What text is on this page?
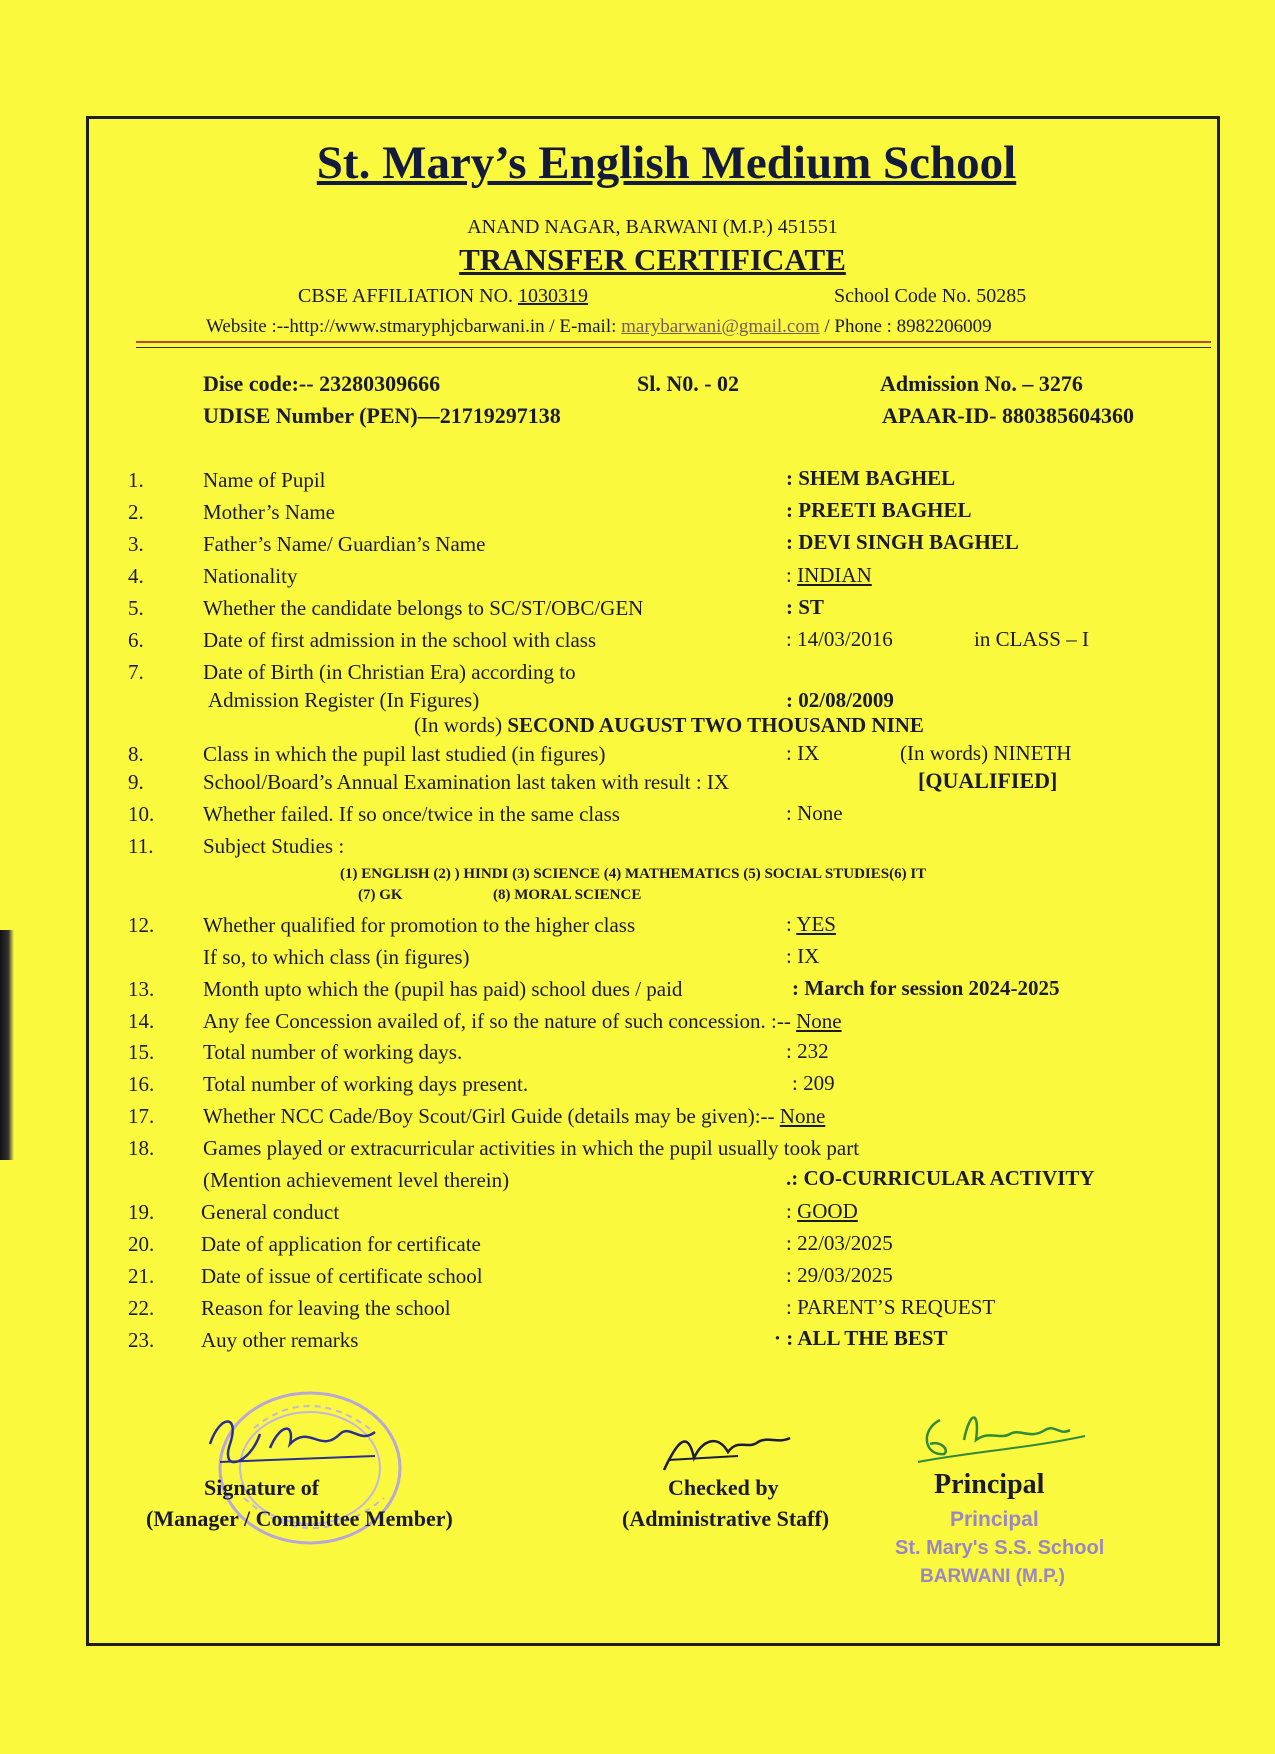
St. Mary’s English Medium School
ANAND NAGAR, BARWANI (M.P.) 451551
TRANSFER CERTIFICATE
CBSE AFFILIATION NO. 1030319	School Code No. 50285
Website :--http://www.stmaryphjcbarwani.in / E-mail: marybarwani@gmail.com / Phone : 8982206009
Dise code:-- 23280309666	Sl. N0. - 02	Admission No. – 3276
UDISE Number (PEN)—21719297138	APAAR-ID- 880385604360
1.	Name of Pupil	: SHEM BAGHEL
2.	Mother’s Name	: PREETI BAGHEL
3.	Father’s Name/ Guardian’s Name	: DEVI SINGH BAGHEL
4.	Nationality	: INDIAN
5.	Whether the candidate belongs to SC/ST/OBC/GEN	: ST
6.	Date of first admission in the school with class	: 14/03/2016	in CLASS – I
7.	Date of Birth (in Christian Era) according to
Admission Register (In Figures)	: 02/08/2009
(In words) SECOND AUGUST TWO THOUSAND NINE
8.	Class in which the pupil last studied (in figures)	: IX	(In words) NINETH
9.	School/Board’s Annual Examination last taken with result : IX	[QUALIFIED]
10.	Whether failed. If so once/twice in the same class	: None
11.	Subject Studies :
(1) ENGLISH (2) ) HINDI (3) SCIENCE (4) MATHEMATICS (5) SOCIAL STUDIES(6) IT
(7) GK	(8) MORAL SCIENCE
12.	Whether qualified for promotion to the higher class	: YES
If so, to which class (in figures)	: IX
13.	Month upto which the (pupil has paid) school dues / paid	: March for session 2024-2025
14.	Any fee Concession availed of, if so the nature of such concession. :-- None
15.	Total number of working days.	: 232
16.	Total number of working days present.	: 209
17.	Whether NCC Cade/Boy Scout/Girl Guide (details may be given):-- None
18.	Games played or extracurricular activities in which the pupil usually took part
(Mention achievement level therein)	.: CO-CURRICULAR ACTIVITY
19.	General conduct	: GOOD
20.	Date of application for certificate	: 22/03/2025
21.	Date of issue of certificate school	: 29/03/2025
22.	Reason for leaving the school	: PARENT’S REQUEST
23.	A​uy other remarks	· : ALL THE BEST
Signature of
(Manager / Committee Member)
Checked by
(Administrative Staff)
Principal
Principal
St. Mary's S.S. School
BARWANI (M.P.)
